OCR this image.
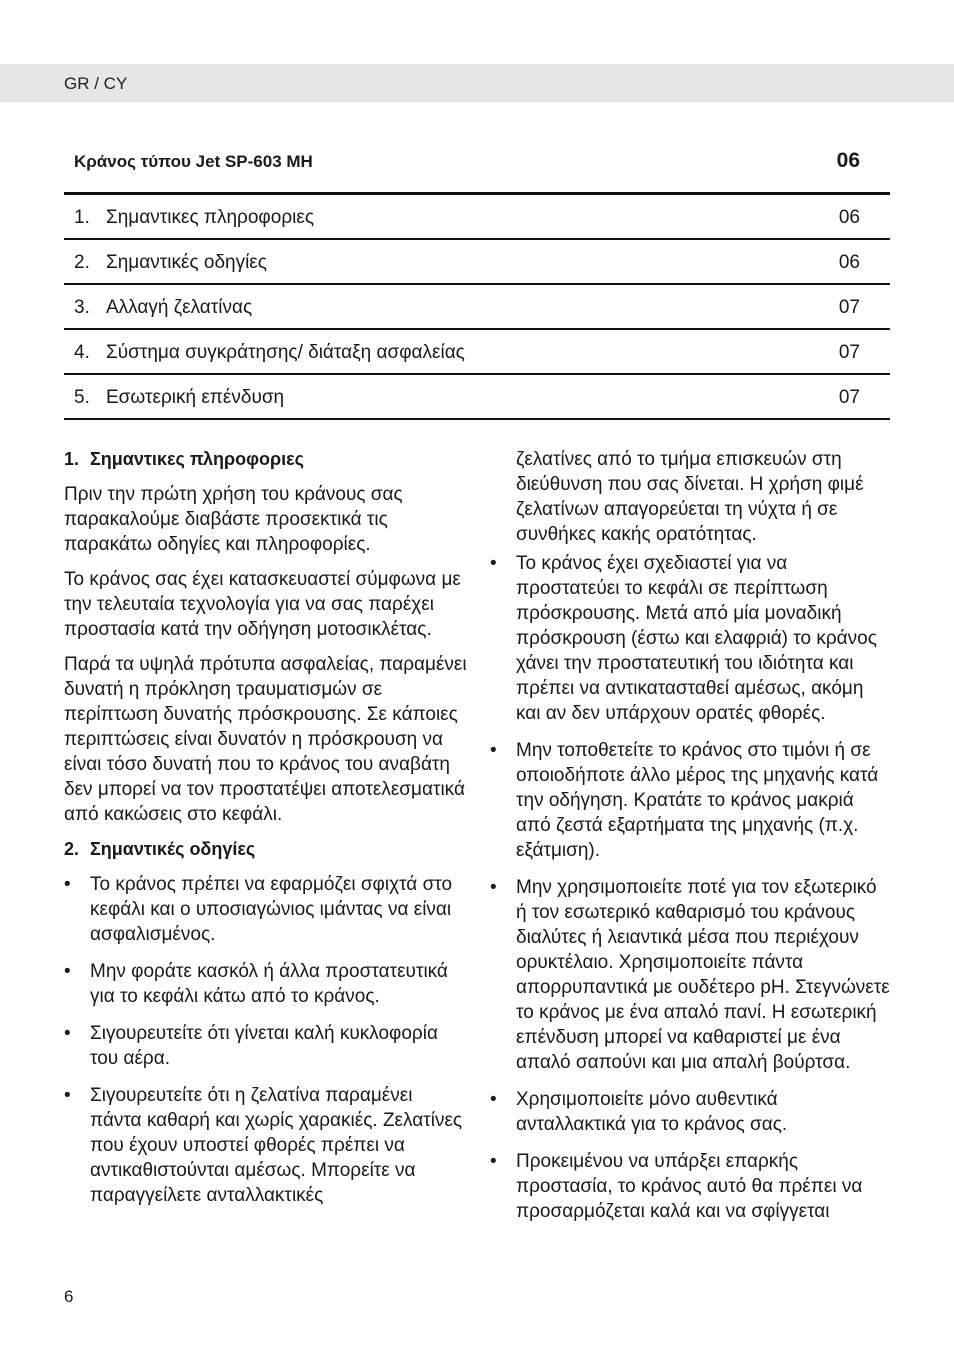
GR / CY
Κράνος τύπου Jet SP-603 MH	06
1. Σημαντικες πληροφοριες	06
2. Σημαντικές οδηγίες	06
3. Αλλαγή ζελατίνας	07
4. Σύστημα συγκράτησης/ διάταξη ασφαλείας	07
5. Εσωτερική επένδυση	07
1. Σημαντικες πληροφοριες

Πριν την πρώτη χρήση του κράνους σας παρακαλούμε διαβάστε προσεκτικά τις παρακάτω οδηγίες και πληροφορίες.

Το κράνος σας έχει κατασκευαστεί σύμφωνα με την τελευταία τεχνολογία για να σας παρέχει προστασία κατά την οδήγηση μοτοσικλέτας.

Παρά τα υψηλά πρότυπα ασφαλείας, παραμένει δυνατή η πρόκληση τραυματισμών σε περίπτωση δυνατής πρόσκρουσης. Σε κάποιες περιπτώσεις είναι δυνατόν η πρόσκρουση να είναι τόσο δυνατή που το κράνος του αναβάτη δεν μπορεί να τον προστατέψει αποτελεσματικά από κακώσεις στο κεφάλι.

2. Σημαντικές οδηγίες
• Το κράνος πρέπει να εφαρμόζει σφιχτά στο κεφάλι και ο υποσιαγώνιος ιμάντας να είναι ασφαλισμένος.
• Μην φοράτε κασκόλ ή άλλα προστατευτικά για το κεφάλι κάτω από το κράνος.
• Σιγουρευτείτε ότι γίνεται καλή κυκλοφορία του αέρα.
• Σιγουρευτείτε ότι η ζελατίνα παραμένει πάντα καθαρή και χωρίς χαρακιές. Ζελατίνες που έχουν υποστεί φθορές πρέπει να αντικαθιστούνται αμέσως. Μπορείτε να παραγγείλετε ανταλλακτικές

ζελατίνες από το τμήμα επισκευών στη διεύθυνση που σας δίνεται. Η χρήση φιμέ ζελατίνων απαγορεύεται τη νύχτα ή σε συνθήκες κακής ορατότητας.

• Το κράνος έχει σχεδιαστεί για να προστατεύει το κεφάλι σε περίπτωση πρόσκρουσης. Μετά από μία μοναδική πρόσκρουση (έστω και ελαφριά) το κράνος χάνει την προστατευτική του ιδιότητα και πρέπει να αντικατασταθεί αμέσως, ακόμη και αν δεν υπάρχουν ορατές φθορές.
• Μην τοποθετείτε το κράνος στο τιμόνι ή σε οποιοδήποτε άλλο μέρος της μηχανής κατά την οδήγηση. Κρατάτε το κράνος μακριά από ζεστά εξαρτήματα της μηχανής (π.χ. εξάτμιση).
• Μην χρησιμοποιείτε ποτέ για τον εξωτερικό ή τον εσωτερικό καθαρισμό του κράνους διαλύτες ή λειαντικά μέσα που περιέχουν ορυκτέλαιο. Χρησιμοποιείτε πάντα απορρυπαντικά με ουδέτερο pH. Στεγνώνετε το κράνος με ένα απαλό πανί. Η εσωτερική επένδυση μπορεί να καθαριστεί με ένα απαλό σαπούνι και μια απαλή βούρτσα.
• Χρησιμοποιείτε μόνο αυθεντικά ανταλλακτικά για το κράνος σας.
• Προκειμένου να υπάρξει επαρκής προστασία, το κράνος αυτό θα πρέπει να προσαρμόζεται καλά και να σφίγγεται
6
